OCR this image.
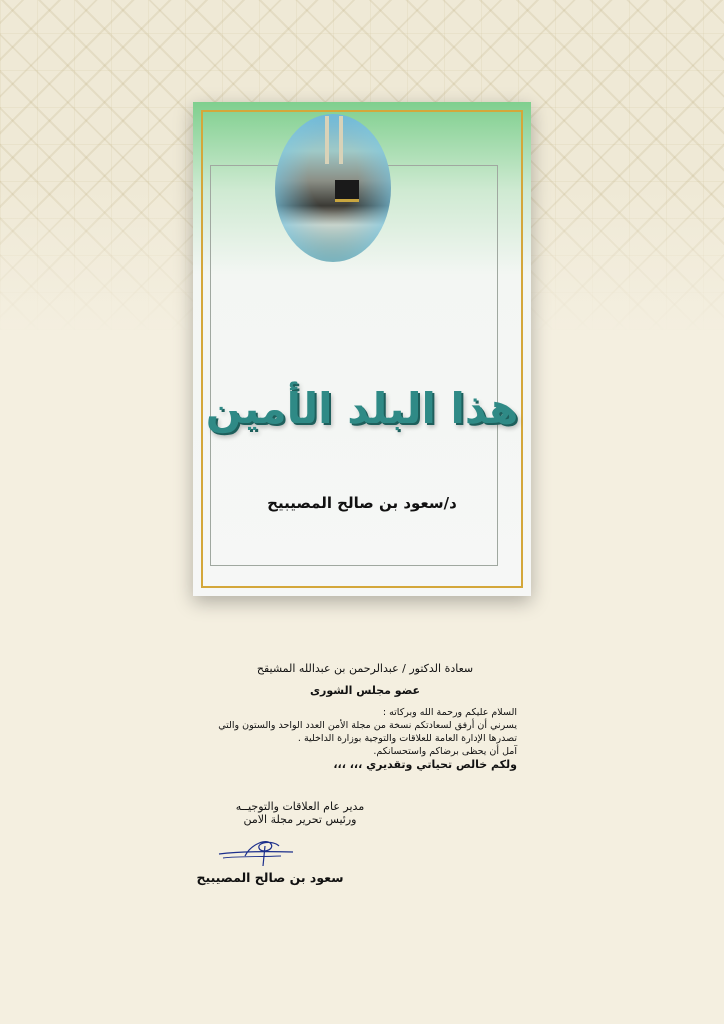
هذا البلد الأمين
د/سعود بن صالح المصيبيح
سعادة الدكتور / عبدالرحمن بن عبدالله المشيقح
عضو مجلس الشورى
السلام عليكم ورحمة الله وبركاته :
يسرني أن أرفق لسعادتكم نسخة من مجلة الأمن العدد الواحد والستون والتي
تصدرها الإدارة العامة للعلاقات والتوجية بوزارة الداخلية .
آمل أن يحظى برضاكم واستحسانكم.
ولكم خالص تحياتي وتقديري ،،، ،،،
مدير عام العلاقات والتوجيــه
ورئيس تحرير مجلة الامن
سعود بن صالح المصيبيح
